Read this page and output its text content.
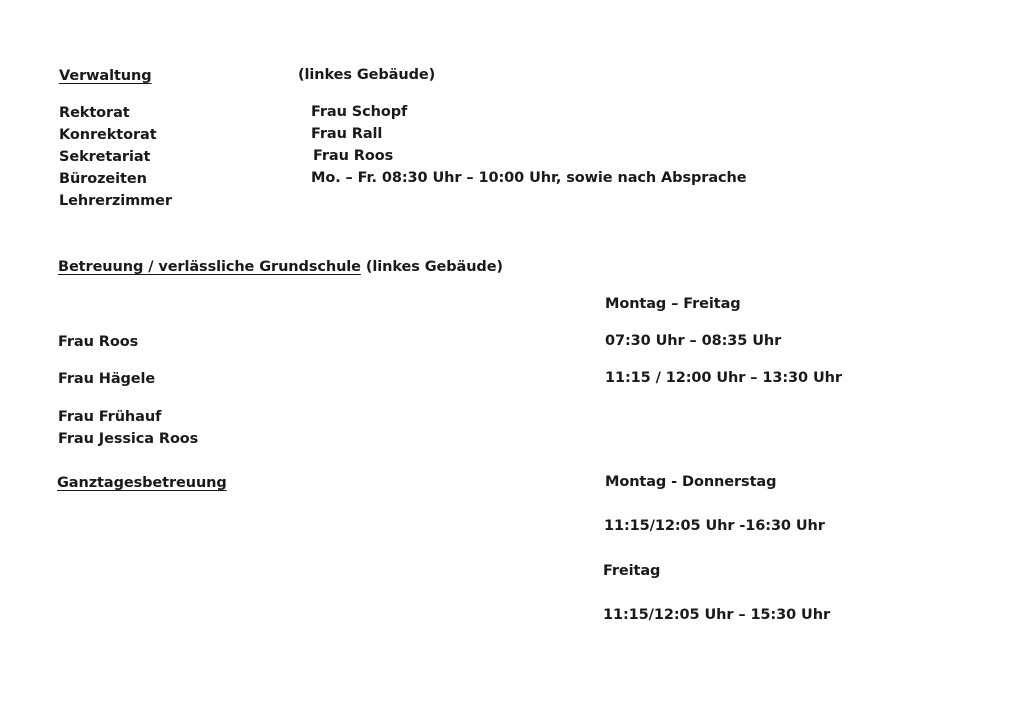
Verwaltung	(linkes Gebäude)
Rektorat	Frau Schopf
Konrektorat	Frau Rall
Sekretariat	Frau Roos
Bürozeiten	Mo. – Fr. 08:30 Uhr – 10:00 Uhr, sowie nach Absprache
Lehrerzimmer
Betreuung / verlässliche Grundschule (linkes Gebäude)
Montag – Freitag
Frau Roos	07:30 Uhr – 08:35 Uhr
Frau Hägele	11:15 / 12:00 Uhr – 13:30 Uhr
Frau Frühauf
Frau Jessica Roos
Ganztagesbetreuung	Montag - Donnerstag
11:15/12:05 Uhr -16:30 Uhr
Freitag
11:15/12:05 Uhr – 15:30 Uhr
